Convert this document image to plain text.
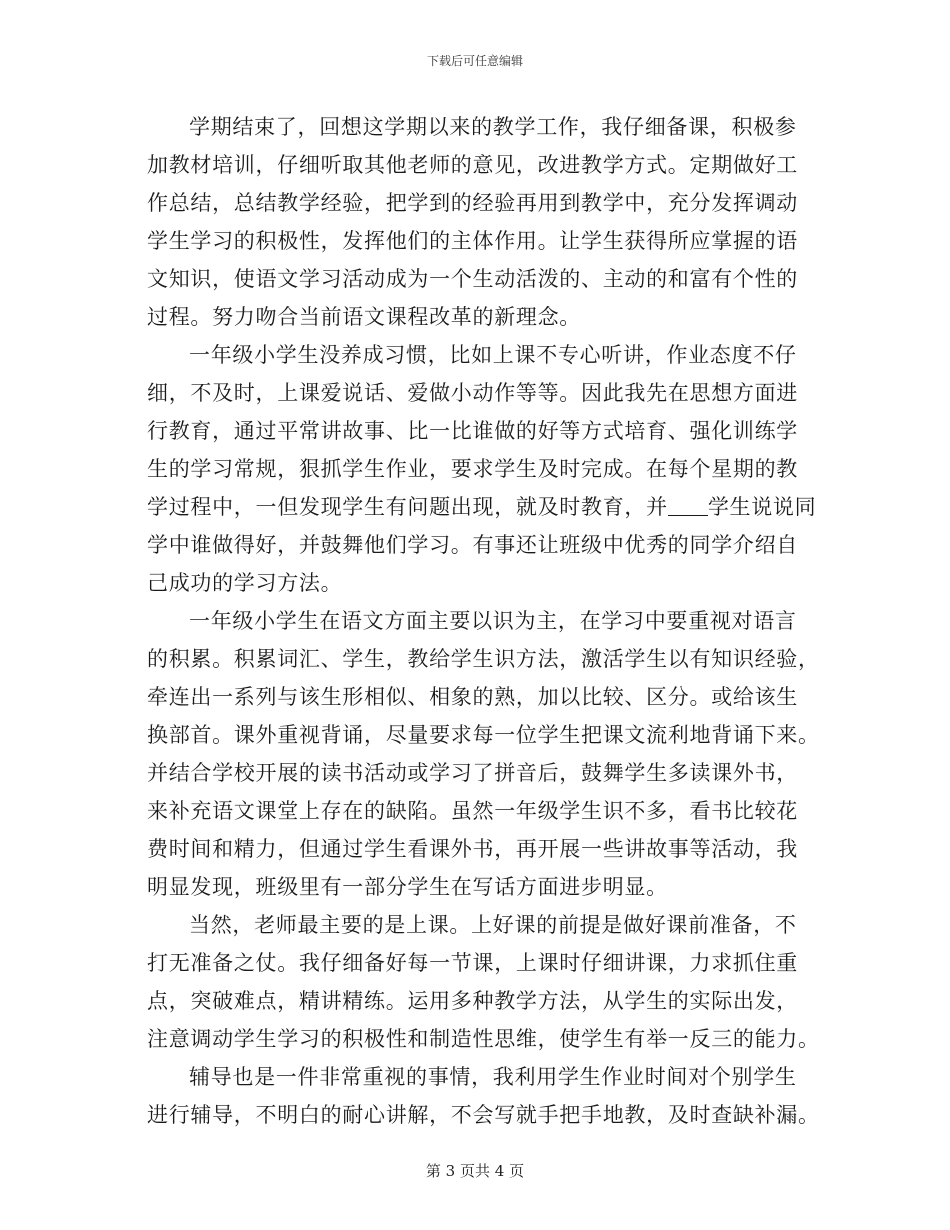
下载后可任意编辑
学期结束了，回想这学期以来的教学工作，我仔细备课，积极参
加教材培训，仔细听取其他老师的意见，改进教学方式。定期做好工
作总结，总结教学经验，把学到的经验再用到教学中，充分发挥调动
学生学习的积极性，发挥他们的主体作用。让学生获得所应掌握的语
文知识，使语文学习活动成为一个生动活泼的、主动的和富有个性的
过程。努力吻合当前语文课程改革的新理念。
一年级小学生没养成习惯，比如上课不专心听讲，作业态度不仔
细，不及时，上课爱说话、爱做小动作等等。因此我先在思想方面进
行教育，通过平常讲故事、比一比谁做的好等方式培育、强化训练学
生的学习常规，狠抓学生作业，要求学生及时完成。在每个星期的教
学过程中，一但发现学生有问题出现，就及时教育，并 学生说说同
学中谁做得好，并鼓舞他们学习。有事还让班级中优秀的同学介绍自
己成功的学习方法。
一年级小学生在语文方面主要以识为主，在学习中要重视对语言
的积累。积累词汇、学生，教给学生识方法，激活学生以有知识经验，
牵连出一系列与该生形相似、相象的熟，加以比较、区分。或给该生
换部首。课外重视背诵，尽量要求每一位学生把课文流利地背诵下来。
并结合学校开展的读书活动或学习了拼音后，鼓舞学生多读课外书，
来补充语文课堂上存在的缺陷。虽然一年级学生识不多，看书比较花
费时间和精力，但通过学生看课外书，再开展一些讲故事等活动，我
明显发现，班级里有一部分学生在写话方面进步明显。
当然，老师最主要的是上课。上好课的前提是做好课前准备，不
打无准备之仗。我仔细备好每一节课，上课时仔细讲课，力求抓住重
点，突破难点，精讲精练。运用多种教学方法，从学生的实际出发，
注意调动学生学习的积极性和制造性思维，使学生有举一反三的能力。
辅导也是一件非常重视的事情，我利用学生作业时间对个别学生
进行辅导，不明白的耐心讲解，不会写就手把手地教，及时查缺补漏。
第 3 页共 4 页
